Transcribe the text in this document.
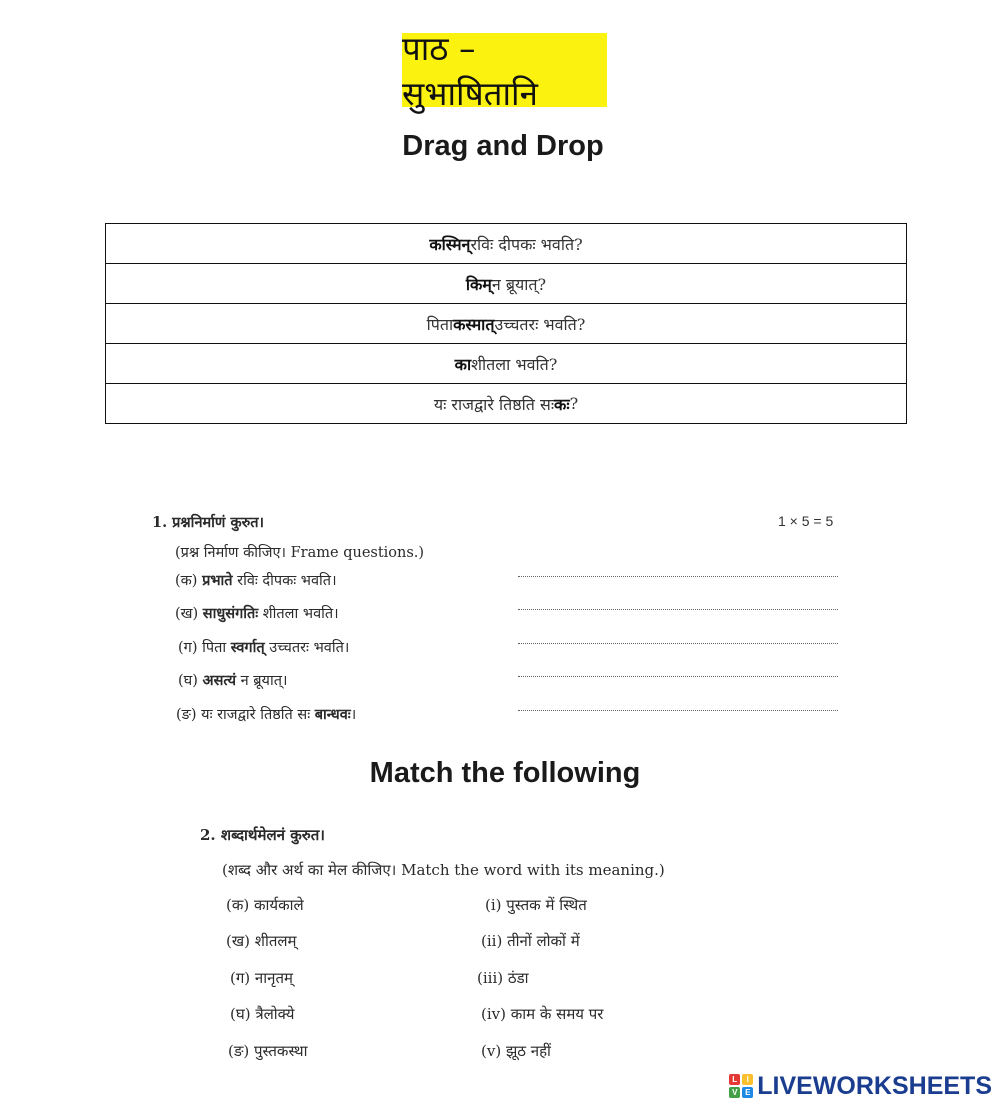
पाठ – सुभाषितानि
Drag and Drop
कस्मिन् रविः दीपकः भवति?
किम् न ब्रूयात्?
पिता कस्मात् उच्चतरः भवति?
का शीतला भवति?
यः राजद्वारे तिष्ठति सः कः ?
1. प्रश्ननिर्माणं कुरुत।	1 × 5 = 5
(प्रश्न निर्माण कीजिए। Frame questions.)
(क) प्रभाते रविः दीपकः भवति।
(ख) साधुसंगतिः शीतला भवति।
(ग) पिता स्वर्गात् उच्चतरः भवति।
(घ) असत्यं न ब्रूयात्।
(ङ) यः राजद्वारे तिष्ठति सः बान्धवः।
Match the following
2. शब्दार्थमेलनं कुरुत।
(शब्द और अर्थ का मेल कीजिए। Match the word with its meaning.)
(क) कार्यकाले
(ख) शीतलम्
(ग) नानृतम्
(घ) त्रैलोक्ये
(ङ) पुस्तकस्था
(i) पुस्तक में स्थित
(ii) तीनों लोकों में
(iii) ठंडा
(iv) काम के समय पर
(v) झूठ नहीं
L	I
V E LIVEWORKSHEETS
